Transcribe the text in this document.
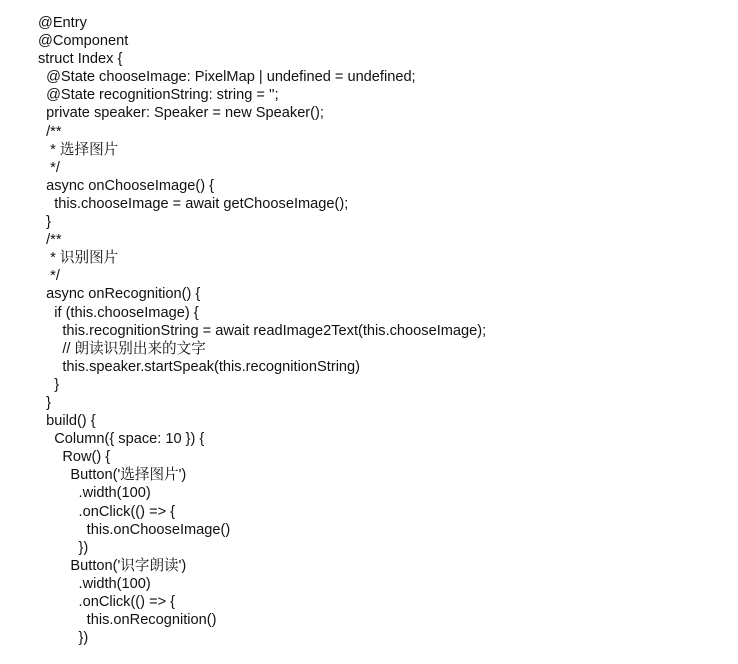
@Entry
@Component
struct Index {
@State chooseImage: PixelMap | undefined = undefined;
@State recognitionString: string = '';
private speaker: Speaker = new Speaker();
/**
* 选择图片
*/
async onChooseImage() {
this.chooseImage = await getChooseImage();
}
/**
* 识别图片
*/
async onRecognition() {
if (this.chooseImage) {
this.recognitionString = await readImage2Text(this.chooseImage);
// 朗读识别出来的文字
this.speaker.startSpeak(this.recognitionString)
}
}
build() {
Column({ space: 10 }) {
Row() {
Button('选择图片')
.width(100)
.onClick(() => {
this.onChooseImage()
})
Button('识字朗读')
.width(100)
.onClick(() => {
this.onRecognition()
})
